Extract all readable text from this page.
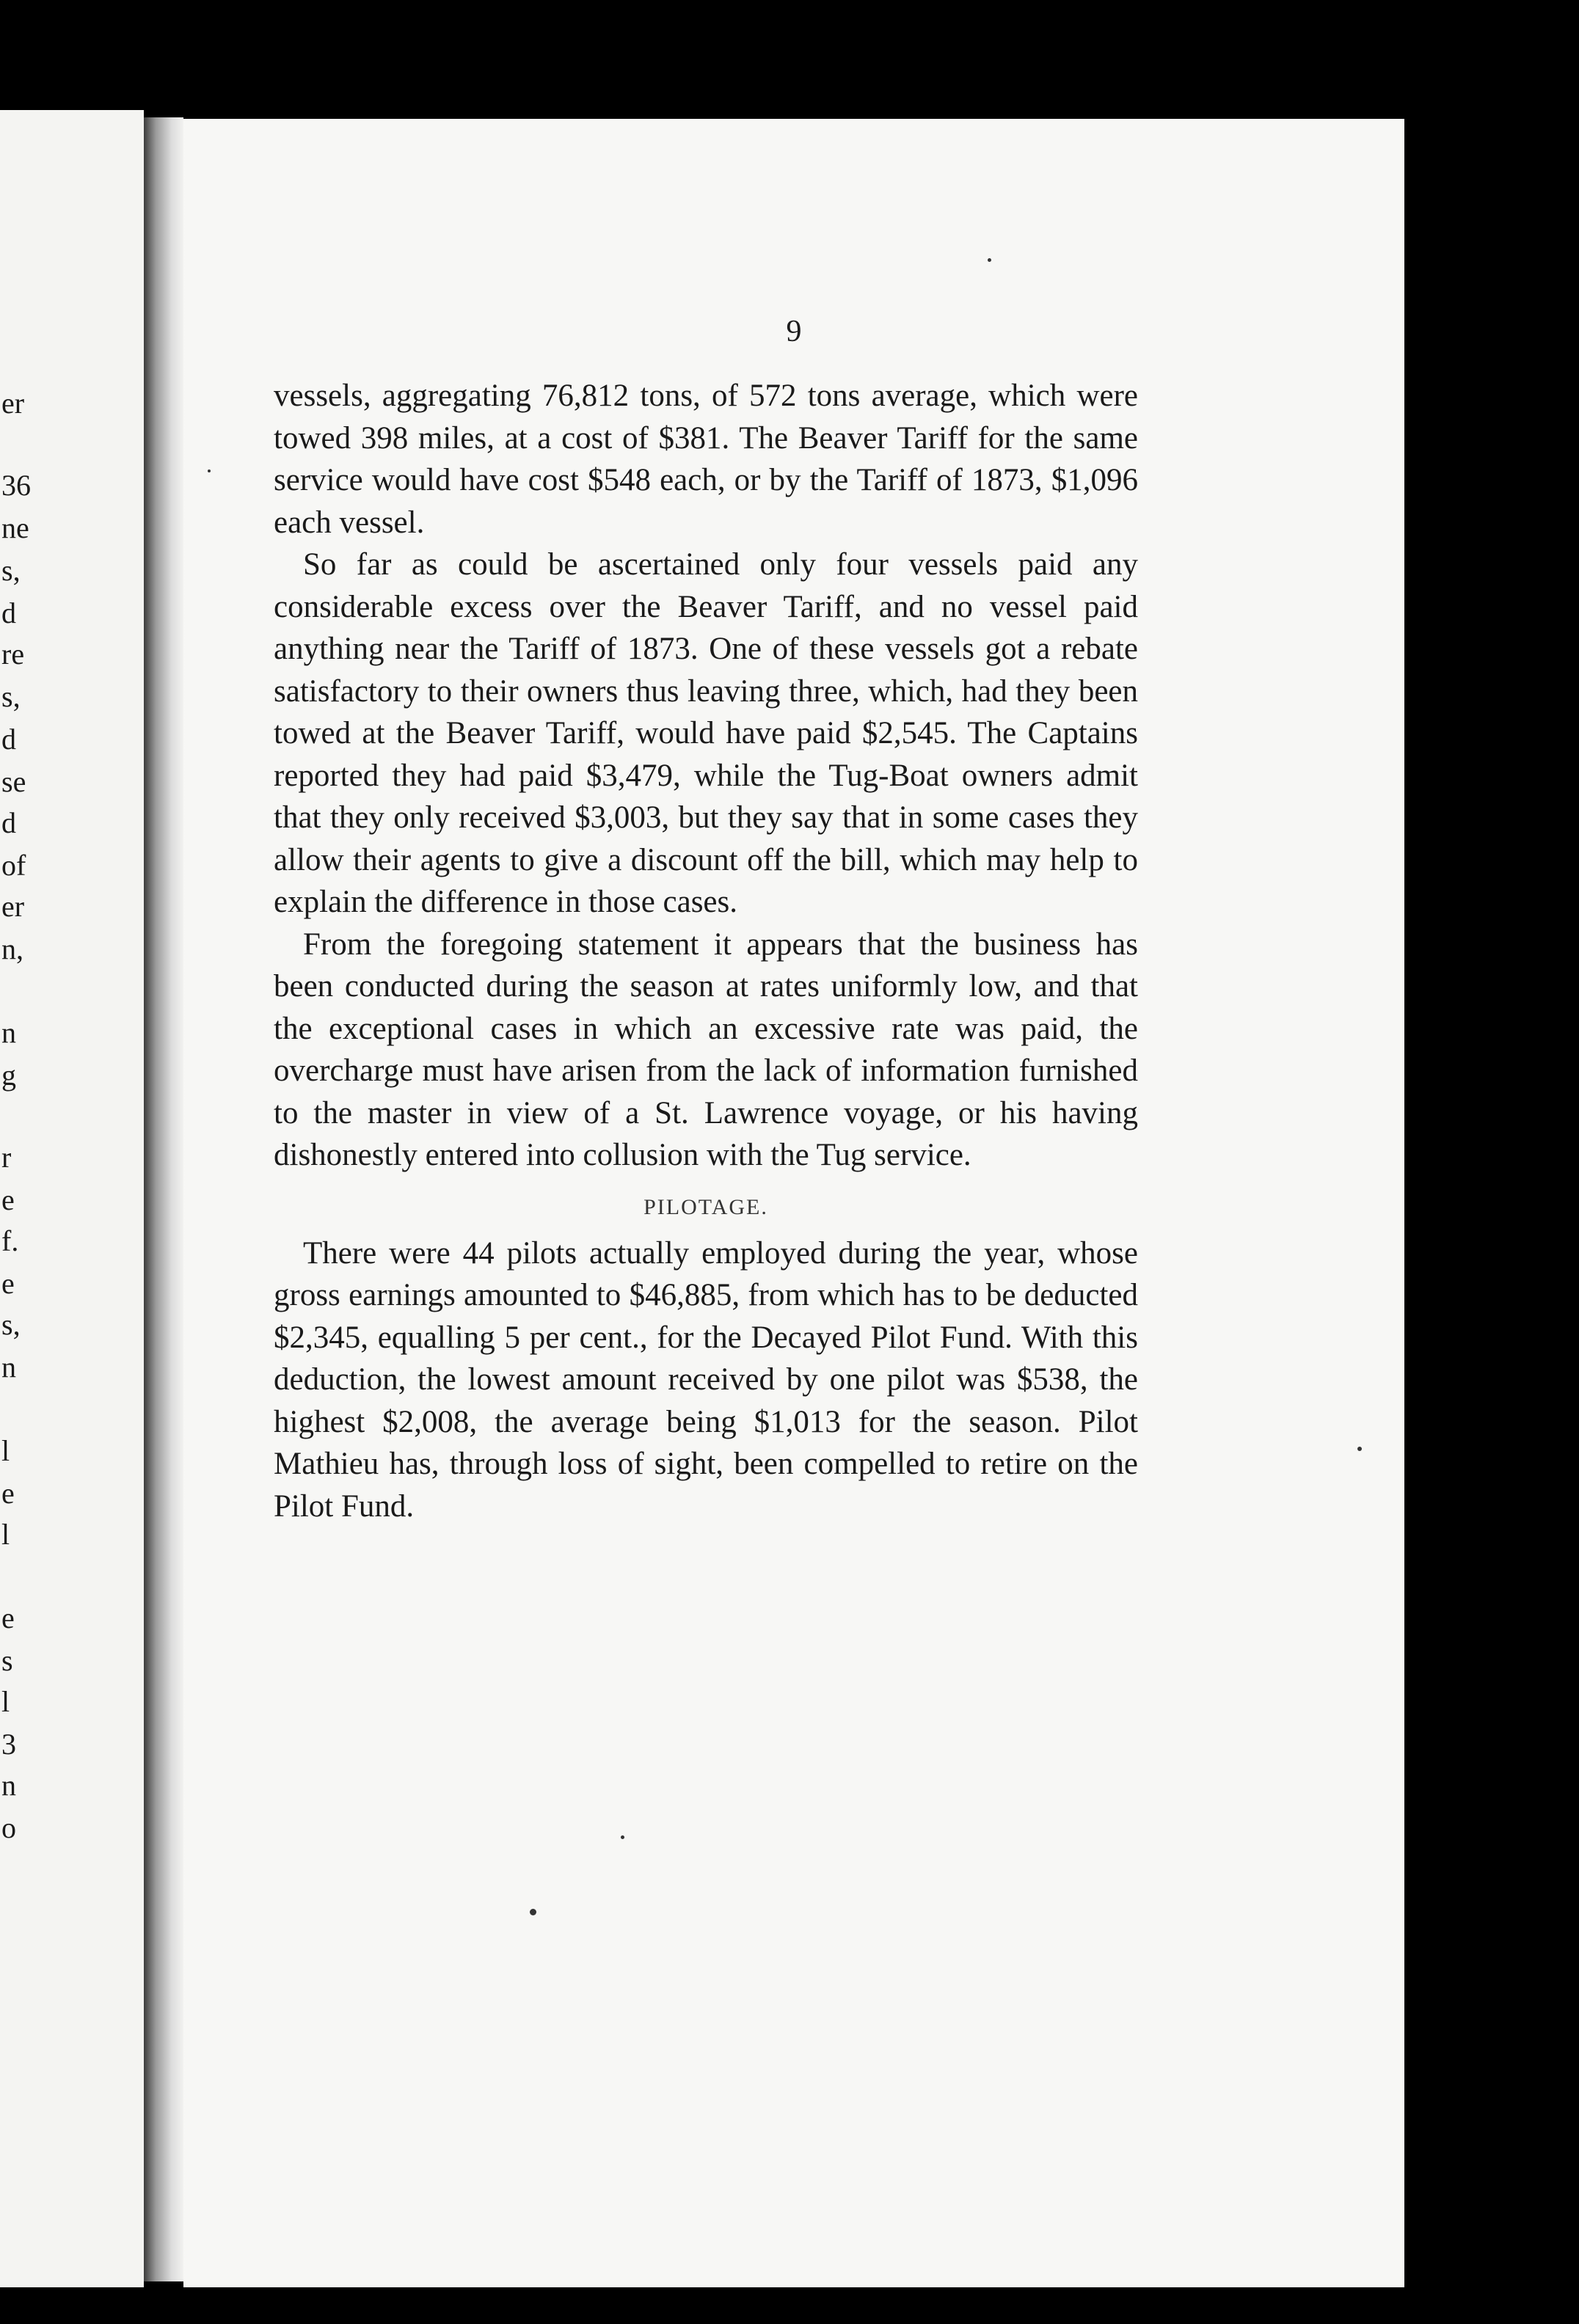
er
36
ne
s,
d
re
s,
d
se
d
of
er
n,
n
g
r
e
f.
e
s,
n
l
e
l
e
s
l
3
n
o
9

vessels, aggregating 76,812 tons, of 572 tons average, which were towed 398 miles, at a cost of $381. The Beaver Tariff for the same service would have cost $548 each, or by the Tariff of 1873, $1,096 each vessel.

So far as could be ascertained only four vessels paid any considerable excess over the Beaver Tariff, and no vessel paid anything near the Tariff of 1873. One of these vessels got a rebate satisfactory to their owners thus leaving three, which, had they been towed at the Beaver Tariff, would have paid $2,545. The Captains reported they had paid $3,479, while the Tug-Boat owners admit that they only received $3,003, but they say that in some cases they allow their agents to give a discount off the bill, which may help to explain the difference in those cases.

From the foregoing statement it appears that the business has been conducted during the season at rates uniformly low, and that the exceptional cases in which an excessive rate was paid, the overcharge must have arisen from the lack of information furnished to the master in view of a St. Lawrence voyage, or his having dishonestly entered into collusion with the Tug service.

PILOTAGE.

There were 44 pilots actually employed during the year, whose gross earnings amounted to $46,885, from which has to be deducted $2,345, equalling 5 per cent., for the Decayed Pilot Fund. With this deduction, the lowest amount received by one pilot was $538, the highest $2,008, the average being $1,013 for the season. Pilot Mathieu has, through loss of sight, been compelled to retire on the Pilot Fund.
